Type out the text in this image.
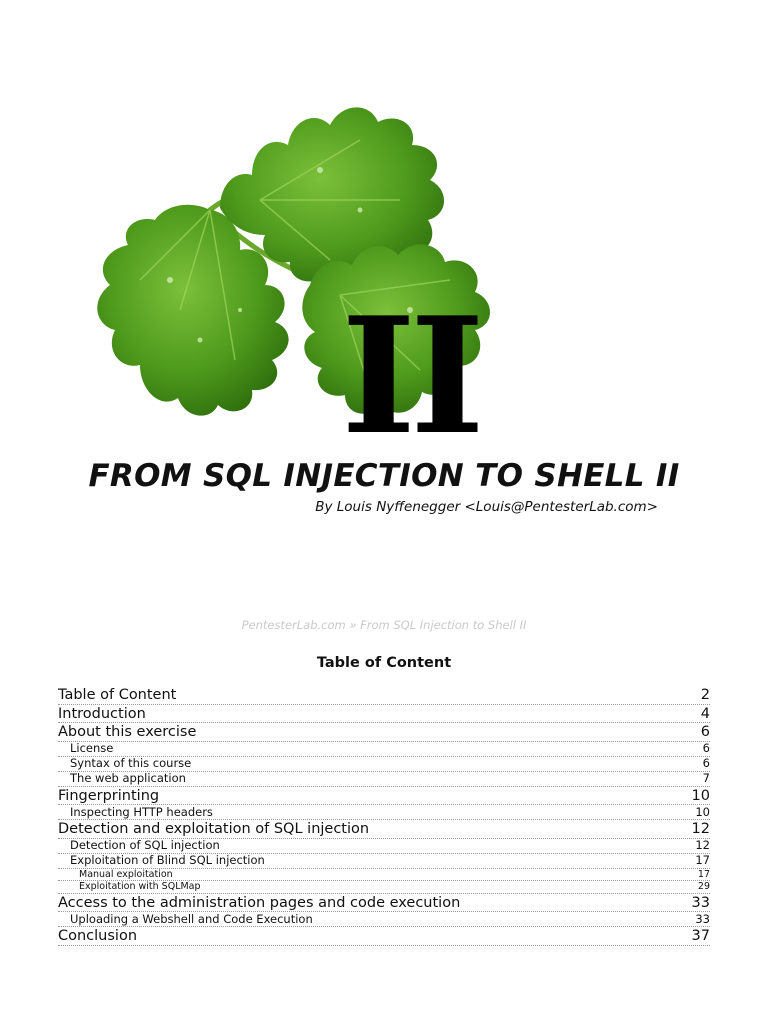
II
FROM SQL INJECTION TO SHELL II
By Louis Nyffenegger <Louis@PentesterLab.com>
PentesterLab.com » From SQL Injection to Shell II
Table of Content
Table of Content	2
Introduction	4
About this exercise	6
License	6
Syntax of this course	6
The web application	7
Fingerprinting	10
Inspecting HTTP headers	10
Detection and exploitation of SQL injection	12
Detection of SQL injection	12
Exploitation of Blind SQL injection	17
Manual exploitation	17
Exploitation with SQLMap	29
Access to the administration pages and code execution	33
Uploading a Webshell and Code Execution	33
Conclusion	37
